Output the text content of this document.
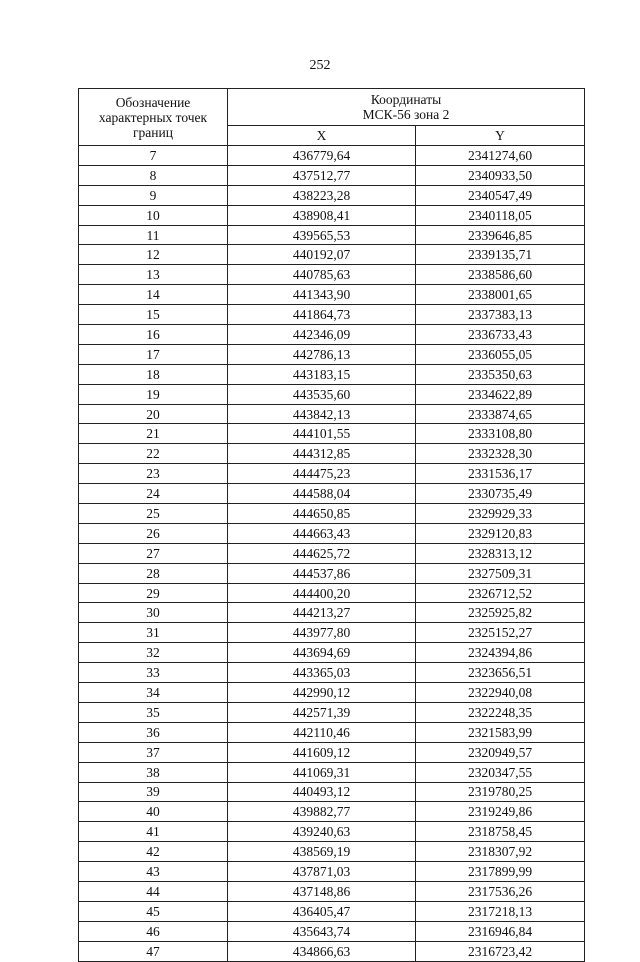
252
Обозначение
характерных точек
границ	Координаты
МСК-56 зона 2	

	X	Y
7	436779,64	2341274,60
8	437512,77	2340933,50
9	438223,28	2340547,49
10	438908,41	2340118,05
11	439565,53	2339646,85
12	440192,07	2339135,71
13	440785,63	2338586,60
14	441343,90	2338001,65
15	441864,73	2337383,13
16	442346,09	2336733,43
17	442786,13	2336055,05
18	443183,15	2335350,63
19	443535,60	2334622,89
20	443842,13	2333874,65
21	444101,55	2333108,80
22	444312,85	2332328,30
23	444475,23	2331536,17
24	444588,04	2330735,49
25	444650,85	2329929,33
26	444663,43	2329120,83
27	444625,72	2328313,12
28	444537,86	2327509,31
29	444400,20	2326712,52
30	444213,27	2325925,82
31	443977,80	2325152,27
32	443694,69	2324394,86
33	443365,03	2323656,51
34	442990,12	2322940,08
35	442571,39	2322248,35
36	442110,46	2321583,99
37	441609,12	2320949,57
38	441069,31	2320347,55
39	440493,12	2319780,25
40	439882,77	2319249,86
41	439240,63	2318758,45
42	438569,19	2318307,92
43	437871,03	2317899,99
44	437148,86	2317536,26
45	436405,47	2317218,13
46	435643,74	2316946,84
47	434866,63	2316723,42
